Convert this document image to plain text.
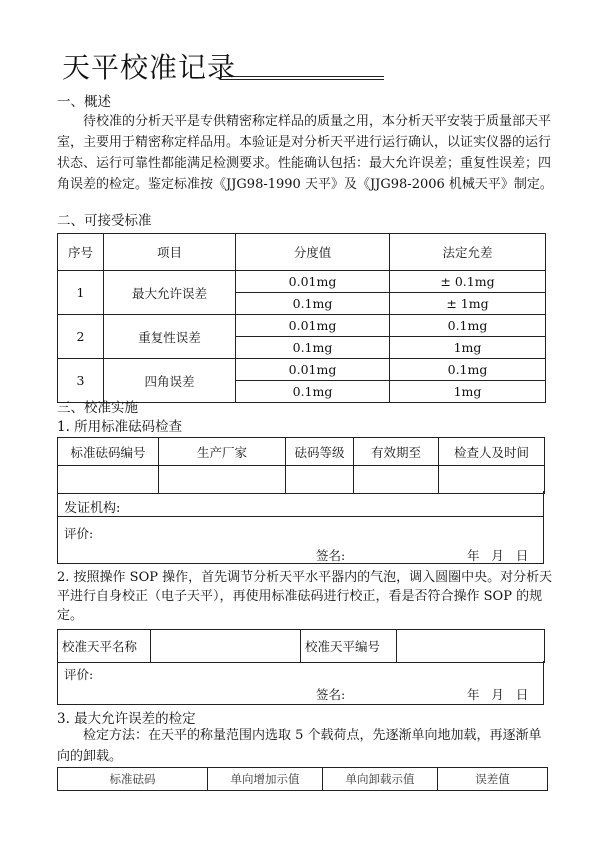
天平校准记录
一、概述
待校准的分析天平是专供精密称定样品的质量之用，本分析天平安装于质量部天平室，主要用于精密称定样品用。本验证是对分析天平进行运行确认，以证实仪器的运行状态、运行可靠性都能满足检测要求。性能确认包括：最大允许误差；重复性误差；四角误差的检定。鉴定标准按《JJG98-1990 天平》及《JJG98-2006 机械天平》制定。
二、可接受标准
序号	项目	分度值	法定允差
1	最大允许误差	0.01mg	± 0.1mg
		0.1mg	± 1mg
2	重复性误差	0.01mg	0.1mg
		0.1mg	1mg
3	四角误差	0.01mg	0.1mg
		0.1mg	1mg
三、校准实施
1. 所用标准砝码检查
标准砝码编号	生产厂家	砝码等级	有效期至	检查人及时间

发证机构:
评价:
签名:	年   月   日
2. 按照操作 SOP 操作，首先调节分析天平水平器内的气泡，调入圆圈中央。对分析天平进行自身校正（电子天平），再使用标准砝码进行校正，看是否符合操作 SOP 的规定。
校准天平名称		校准天平编号	
评价:
签名:	年   月   日
3. 最大允许误差的检定
检定方法：在天平的称量范围内选取 5 个载荷点，先逐渐单向地加载，再逐渐单向的卸载。
标准砝码	单向增加示值	单向卸载示值	误差值
